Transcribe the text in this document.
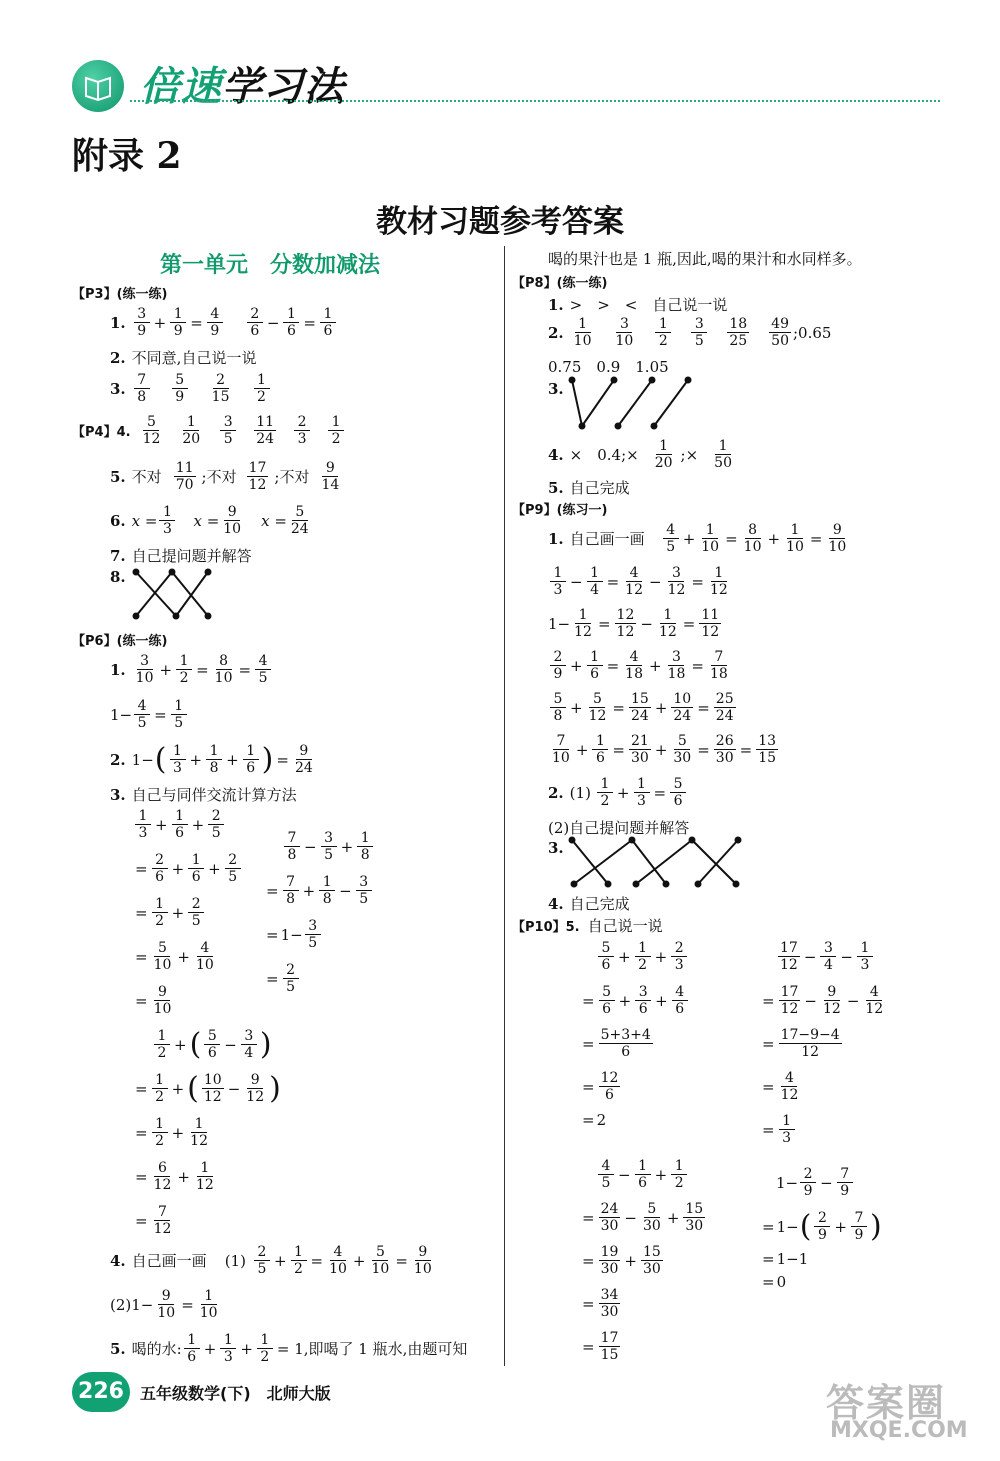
倍速学习法
附录 2
教材习题参考答案
第一单元　分数加减法
【P3】(练一练)
1. 3
$9 + \frac{1}{9} = \frac{4}{9} 2$
$6 - \frac{1}{6} = \frac{1}{6}$
2. 不同意,自己说一说
3. 7
8
5
9
2
15
1
2
【P4】4.
5
12
1
20
3
5
11
24
2
3
1
2
5. 不对 11
70 ;不对 17
12 ;不对 9
14
6. $x = \frac{1}{3}$ $x = \frac{9}{10}$ $x = \frac{5}{24}$
7. 自己提问题并解答
8.
【P6】(练一练)
1. 3
$10 + \frac{1}{2} = \frac{8}{10} = \frac{4}{5}$
$1- \frac{4}{5} = \frac{1}{5}$
2. 1− ( 1
$3 + \frac{1}{8} + \frac{1}{6}$ ) = $\frac{9}{24}$
3. 自己与同伴交流计算方法
1
$3 + \frac{1}{6} + \frac{2}{5}$
= $\frac{2}{6} + \frac{1}{6} + \frac{2}{5}$
= $\frac{1}{2} + \frac{2}{5}$
= $\frac{5}{10} + \frac{4}{10}$
= $\frac{9}{10}$
7
$8 - \frac{3}{5} + \frac{1}{8}$
= $\frac{7}{8} + \frac{1}{8} - \frac{3}{5}$
= $1- \frac{3}{5}$
= $\frac{2}{5}$
1
2 + ( 5
$6 - \frac{3}{4}$ )
= $\frac{1}{2}$ + ( 10
$12 - \frac{9}{12}$ )
= $\frac{1}{2} + \frac{1}{12}$
= $\frac{6}{12} + \frac{1}{12}$
= $\frac{7}{12}$
4. 自己画一画 (1) 2
$5 + \frac{1}{2} = \frac{4}{10} + \frac{5}{10} = \frac{9}{10}$
$(2)1- \frac{9}{10} = \frac{1}{10}$
5. 喝的水: 1
$6 + \frac{1}{3} + \frac{1}{2} = 1$,即喝了 1 瓶水,由题可知
喝的果汁也是 1 瓶,因此,喝的果汁和水同样多。
【P8】(练一练)
1. >　>　<　自己说一说
2. 1
10
3
10
1
2
3
5
18
25
49
50 ;0.65
0.75　0.9　1.05
3.
4. ×　0.4;× $\frac{1}{20}$ ;× $\frac{1}{50}$
5. 自己完成
【P9】(练习一)
1. 自己画一画 4
$5 + \frac{1}{10} = \frac{8}{10} + \frac{1}{10} = \frac{9}{10}$
1
$3 - \frac{1}{4} = \frac{4}{12} - \frac{3}{12} = \frac{1}{12}$
$1- \frac{1}{12} = \frac{12}{12} - \frac{1}{12} = \frac{11}{12}$
2
$9 + \frac{1}{6} = \frac{4}{18} + \frac{3}{18} = \frac{7}{18}$
5
$8 + \frac{5}{12} = \frac{15}{24} + \frac{10}{24} = \frac{25}{24}$
7
$10 + \frac{1}{6} = \frac{21}{30} + \frac{5}{30} = \frac{26}{30} = \frac{13}{15}$
2. (1) 1
$2 + \frac{1}{3} = \frac{5}{6}$
(2)自己提问题并解答
3.
4. 自己完成
【P10】5. 自己说一说
5
$6 + \frac{1}{2} + \frac{2}{3}$
= $\frac{5}{6} + \frac{3}{6} + \frac{4}{6}$
= $\frac{5+3+4}{6}$
= $\frac{12}{6}$
= 2
17
$12 - \frac{3}{4} - \frac{1}{3}$
= $\frac{17}{12} - \frac{9}{12} - \frac{4}{12}$
= $\frac{17-9-4}{12}$
= $\frac{4}{12}$
= $\frac{1}{3}$
4
$5 - \frac{1}{6} + \frac{1}{2}$
= $\frac{24}{30} - \frac{5}{30} + \frac{15}{30}$
= $\frac{19}{30} + \frac{15}{30}$
= $\frac{34}{30}$
= $\frac{17}{15}$
$1- \frac{2}{9} - \frac{7}{9}$
= 1− ( 2
$9 + \frac{7}{9}$ )
= 1−1
= 0
226	五年级数学(下)　北师大版	答案圈
MXQE.COM
